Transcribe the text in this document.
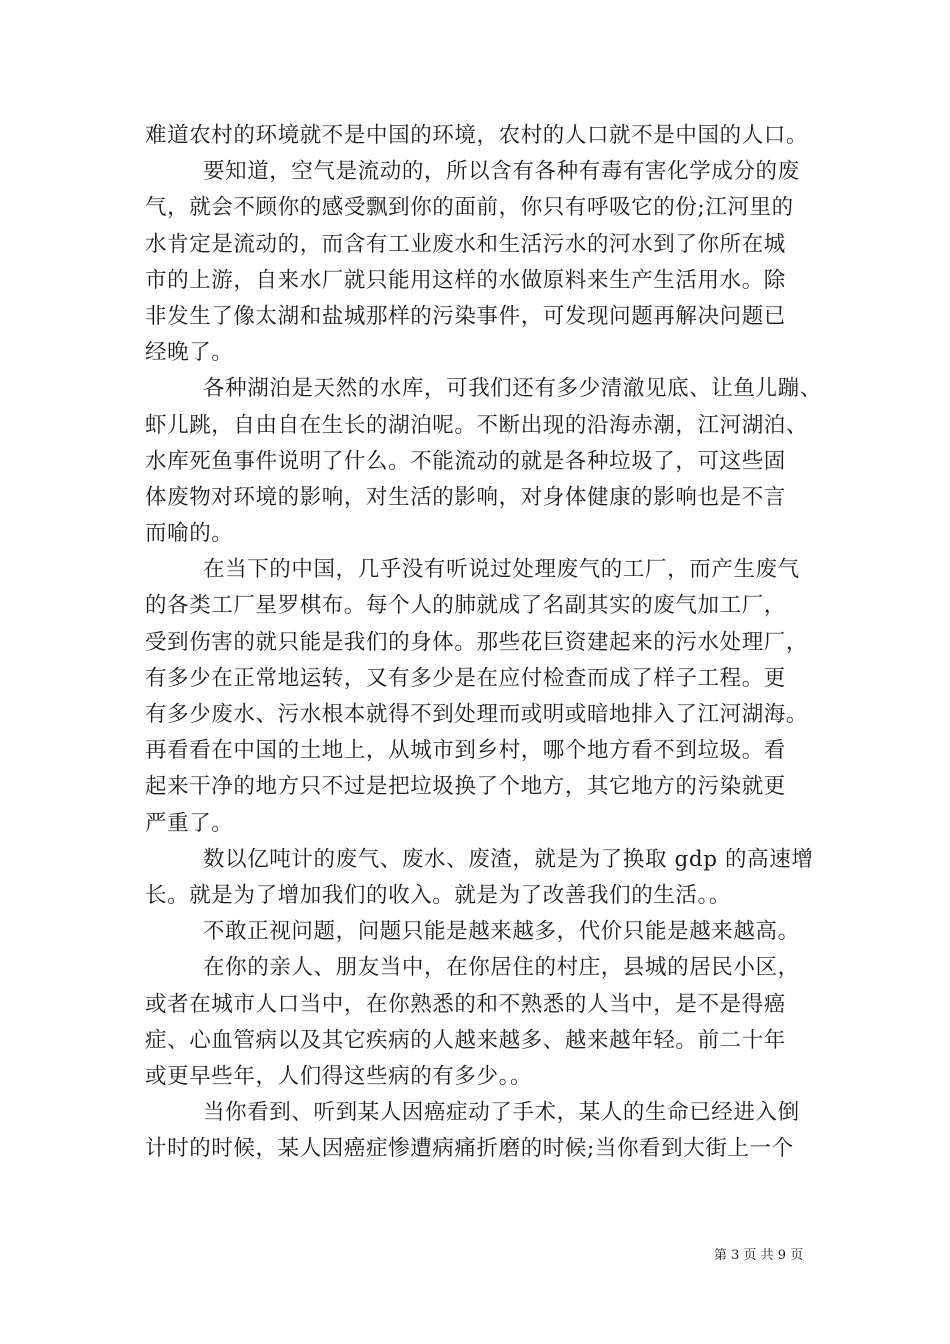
难道农村的环境就不是中国的环境，农村的人口就不是中国的人口。
要知道，空气是流动的，所以含有各种有毒有害化学成分的废
气，就会不顾你的感受飘到你的面前，你只有呼吸它的份;江河里的
水肯定是流动的，而含有工业废水和生活污水的河水到了你所在城
市的上游，自来水厂就只能用这样的水做原料来生产生活用水。除
非发生了像太湖和盐城那样的污染事件，可发现问题再解决问题已
经晚了。
各种湖泊是天然的水库，可我们还有多少清澈见底、让鱼儿蹦、
虾儿跳，自由自在生长的湖泊呢。不断出现的沿海赤潮，江河湖泊、
水库死鱼事件说明了什么。不能流动的就是各种垃圾了，可这些固
体废物对环境的影响，对生活的影响，对身体健康的影响也是不言
而喻的。
在当下的中国，几乎没有听说过处理废气的工厂，而产生废气
的各类工厂星罗棋布。每个人的肺就成了名副其实的废气加工厂，
受到伤害的就只能是我们的身体。那些花巨资建起来的污水处理厂，
有多少在正常地运转，又有多少是在应付检查而成了样子工程。更
有多少废水、污水根本就得不到处理而或明或暗地排入了江河湖海。
再看看在中国的土地上，从城市到乡村，哪个地方看不到垃圾。看
起来干净的地方只不过是把垃圾换了个地方，其它地方的污染就更
严重了。
数以亿吨计的废气、废水、废渣，就是为了换取 gdp 的高速增
长。就是为了增加我们的收入。就是为了改善我们的生活。。
不敢正视问题，问题只能是越来越多，代价只能是越来越高。
在你的亲人、朋友当中，在你居住的村庄，县城的居民小区，
或者在城市人口当中，在你熟悉的和不熟悉的人当中，是不是得癌
症、心血管病以及其它疾病的人越来越多、越来越年轻。前二十年
或更早些年，人们得这些病的有多少。。
当你看到、听到某人因癌症动了手术，某人的生命已经进入倒
计时的时候，某人因癌症惨遭病痛折磨的时候;当你看到大街上一个
第 3 页 共 9 页
